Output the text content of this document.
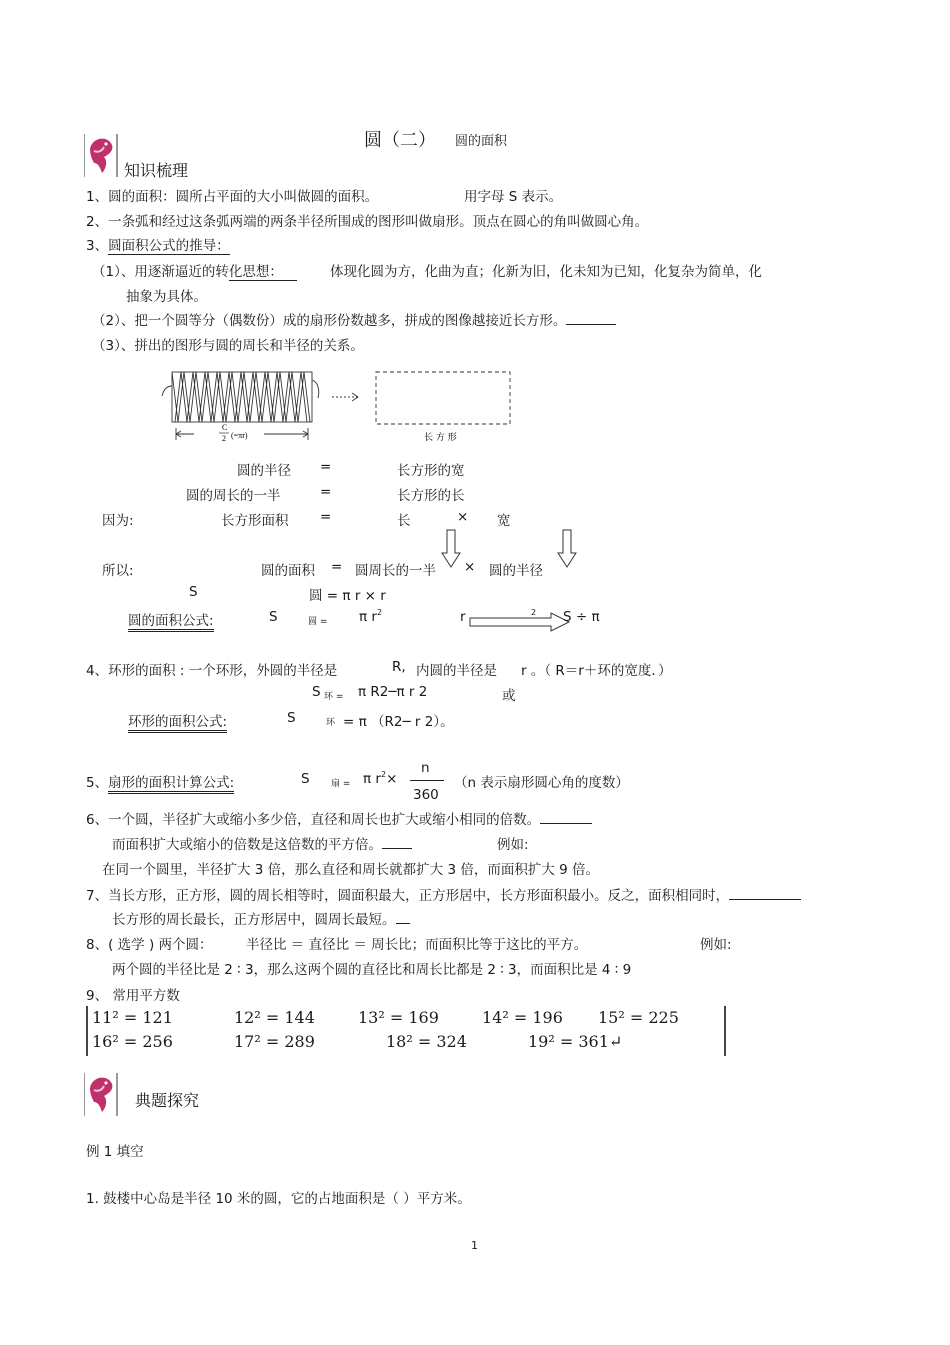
圆（二） 圆的面积
知识梳理
1、圆的面积：圆所占平面的大小叫做圆的面积。	用字母 S 表示。
2、一条弧和经过这条弧两端的两条半径所围成的图形叫做扇形。顶点在圆心的角叫做圆心角。
3、圆面积公式的推导：
（1）、用逐渐逼近的转化思想：	体现化圆为方，化曲为直；化新为旧，化未知为已知，化复杂为简单，化
抽象为具体。
（2）、把一个圆等分（偶数份）成的扇形份数越多，拼成的图像越接近长方形。
（3）、拼出的图形与圆的周长和半径的关系。
C
2 (=πr)	长 方 形
圆的半径 =	长方形的宽
圆的周长的一半	=	长方形的长
因为:	长方形面积 =	长	× 宽
所以:	圆的面积 = 圆周长的一半 × 圆的半径
S	圆 = π r × r
圆的面积公式:	S	圆 = π $r^2$	r	2	S ÷ π
4、环形的面积 : 一个环形，外圆的半径是	R, 内圆的半径是 r 。（ R＝r＋环的宽度．）
S 环 = π R2─π r 2	或
环形的面积公式:	S	环 = π （R2─ r 2）。
5、扇形的面积计算公式:	S 扇 = π $r^2\times$
n
360
（n 表示扇形圆心角的度数）
6、一个圆，半径扩大或缩小多少倍，直径和周长也扩大或缩小相同的倍数。
而面积扩大或缩小的倍数是这倍数的平方倍。	例如:
在同一个圆里，半径扩大 3 倍，那么直径和周长就都扩大 3 倍，而面积扩大 9 倍。
7、当长方形，正方形，圆的周长相等时，圆面积最大，正方形居中，长方形面积最小。反之，面积相同时，
长方形的周长最长，正方形居中，圆周长最短。
8、( 选学 ) 两个圆： 半径比 ＝ 直径比 ＝ 周长比；而面积比等于这比的平方。	例如:
两个圆的半径比是 2 ∶ 3，那么这两个圆的直径比和周长比都是 2 ∶ 3，而面积比是 4 ∶ 9
9、 常用平方数
11² = 121	12² = 144	13² = 169	14² = 196 15² = 225
16² = 256	17² = 289	18² = 324	19² = 361↵
典题探究
例 1 填空
1. 鼓楼中心岛是半径 10 米的圆，它的占地面积是（ ）平方米。
1
